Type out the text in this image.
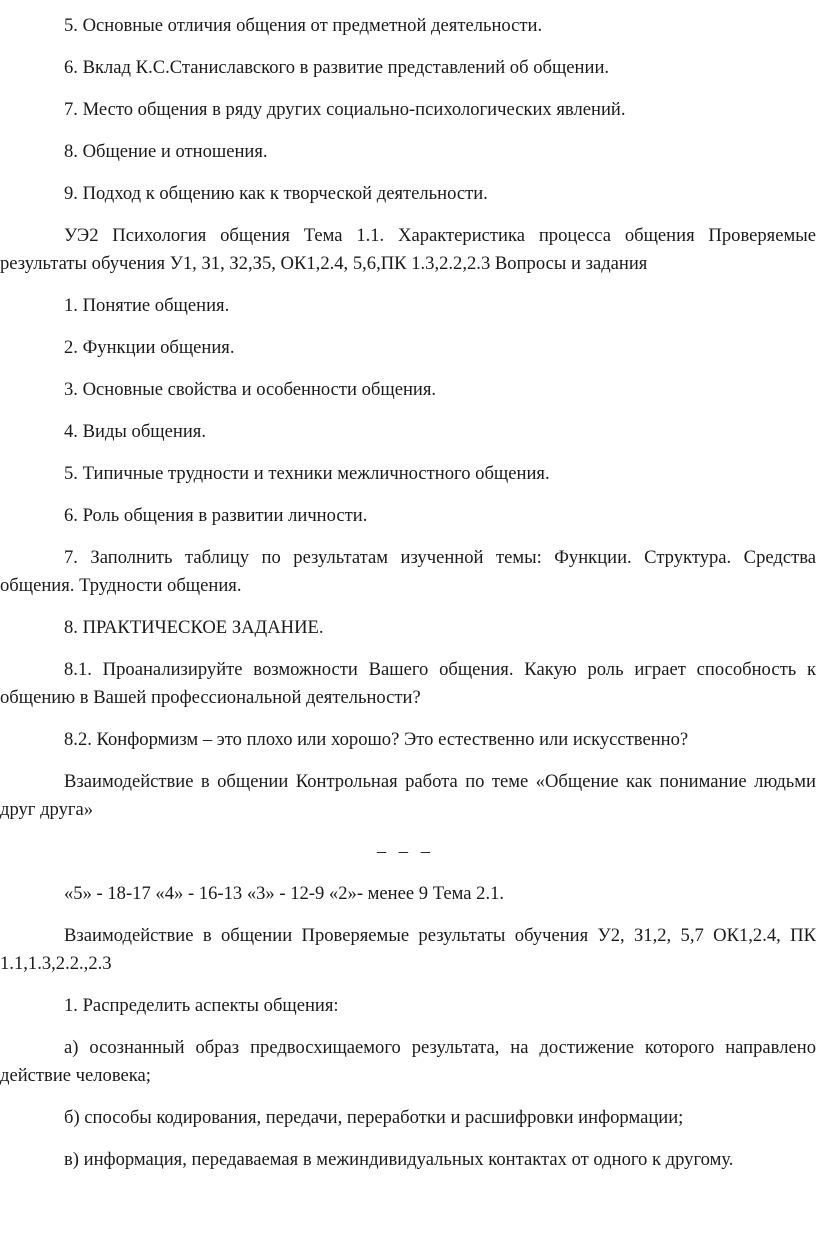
5. Основные отличия общения от предметной деятельности.

6. Вклад К.С.Станиславского в развитие представлений об общении.

7. Место общения в ряду других социально-психологических явлений.

8. Общение и отношения.

9. Подход к общению как к творческой деятельности.

УЭ2 Психология общения Тема 1.1. Характеристика процесса общения Проверяемые результаты обучения У1, З1, З2,З5, ОК1,2.4, 5,6,ПК 1.3,2.2,2.3 Вопросы и задания

1. Понятие общения.

2. Функции общения.

3. Основные свойства и особенности общения.

4. Виды общения.

5. Типичные трудности и техники межличностного общения.

6. Роль общения в развитии личности.

7. Заполнить таблицу по результатам изученной темы: Функции. Структура. Средства общения. Трудности общения.

8. ПРАКТИЧЕСКОЕ ЗАДАНИЕ.

8.1. Проанализируйте возможности Вашего общения. Какую роль играет способность к общению в Вашей профессиональной деятельности?

8.2. Конформизм – это плохо или хорошо? Это естественно или искусственно?

Взаимодействие в общении Контрольная работа по теме «Общение как понимание людьми друг друга»

– – –

«5» - 18-17 «4» - 16-13 «3» - 12-9 «2»- менее 9 Тема 2.1.

Взаимодействие в общении Проверяемые результаты обучения У2, З1,2, 5,7 ОК1,2.4, ПК 1.1,1.3,2.2.,2.3

1. Распределить аспекты общения:

а) осознанный образ предвосхищаемого результата, на достижение которого направлено действие человека;

б) способы кодирования, передачи, переработки и расшифровки информации;

в) информация, передаваемая в межиндивидуальных контактах от одного к другому.
